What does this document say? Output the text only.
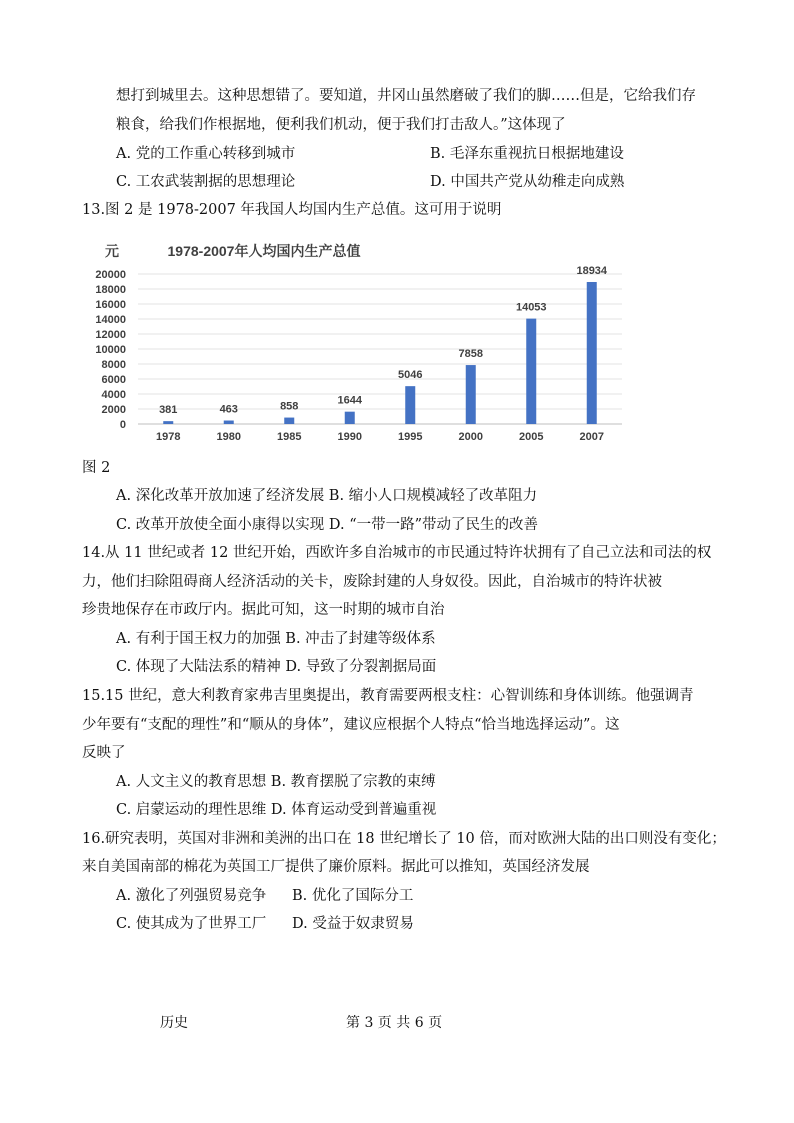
想打到城里去。这种思想错了。要知道，井冈山虽然磨破了我们的脚……但是，它给我们存
粮食，给我们作根据地，便利我们机动，便于我们打击敌人。”这体现了
A. 党的工作重心转移到城市	B. 毛泽东重视抗日根据地建设
C. 工农武装割据的思想理论	D. 中国共产党从幼稚走向成熟
13.图 2 是 1978-2007 年我国人均国内生产总值。这可用于说明
元	1978-2007年人均国内生产总值
0
2000
4000
6000
8000
10000
12000
14000
16000
18000
20000
381	463	858	1644
5046
7858
14053
18934
1978	1980	1985	1990	1995	2000	2005	2007
图 2
A. 深化改革开放加速了经济发展 B. 缩小人口规模减轻了改革阻力
C. 改革开放使全面小康得以实现 D. “一带一路”带动了民生的改善
14.从 11 世纪或者 12 世纪开始，西欧许多自治城市的市民通过特许状拥有了自己立法和司法的权
力，他们扫除阻碍商人经济活动的关卡，废除封建的人身奴役。因此，自治城市的特许状被
珍贵地保存在市政厅内。据此可知，这一时期的城市自治
A. 有利于国王权力的加强 B. 冲击了封建等级体系
C. 体现了大陆法系的精神 D. 导致了分裂割据局面
15.15 世纪，意大利教育家弗吉里奥提出，教育需要两根支柱：心智训练和身体训练。他强调青
少年要有“支配的理性”和“顺从的身体”，建议应根据个人特点“恰当地选择运动”。这
反映了
A. 人文主义的教育思想 B. 教育摆脱了宗教的束缚
C. 启蒙运动的理性思维 D. 体育运动受到普遍重视
16.研究表明，英国对非洲和美洲的出口在 18 世纪增长了 10 倍，而对欧洲大陆的出口则没有变化；
来自美国南部的棉花为英国工厂提供了廉价原料。据此可以推知，英国经济发展
A. 激化了列强贸易竞争 B. 优化了国际分工
C. 使其成为了世界工厂 D. 受益于奴隶贸易
历史	第 3 页 共 6 页
